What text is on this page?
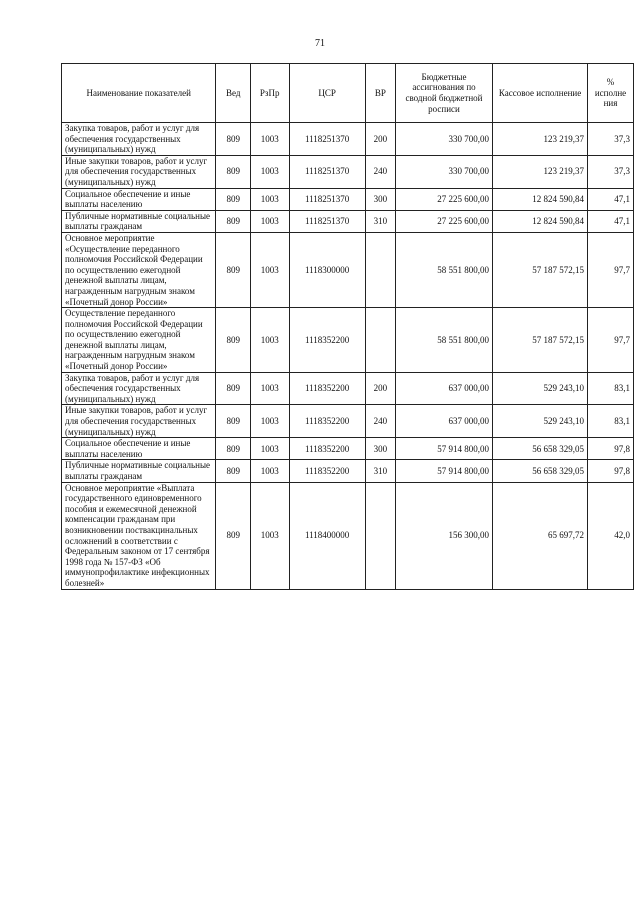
71
Наименование показателей	Вед	РзПр	ЦСР	ВР	Бюджетные ассигнования по сводной бюджетной росписи	Кассовое исполнение	% исполне ния
Закупка товаров, работ и услуг для обеспечения государственных (муниципальных) нужд	809	1003	1118251370	200	330 700,00	123 219,37	37,3
Иные закупки товаров, работ и услуг для обеспечения государственных (муниципальных) нужд	809	1003	1118251370	240	330 700,00	123 219,37	37,3
Социальное обеспечение и иные выплаты населению	809	1003	1118251370	300	27 225 600,00	12 824 590,84	47,1
Публичные нормативные социальные выплаты гражданам	809	1003	1118251370	310	27 225 600,00	12 824 590,84	47,1
Основное мероприятие «Осуществление переданного полномочия Российской Федерации по осуществлению ежегодной денежной выплаты лицам, награжденным нагрудным знаком «Почетный донор России»	809	1003	1118300000		58 551 800,00	57 187 572,15	97,7
Осуществление переданного полномочия Российской Федерации по осуществлению ежегодной денежной выплаты лицам, награжденным нагрудным знаком «Почетный донор России»	809	1003	1118352200		58 551 800,00	57 187 572,15	97,7
Закупка товаров, работ и услуг для обеспечения государственных (муниципальных) нужд	809	1003	1118352200	200	637 000,00	529 243,10	83,1
Иные закупки товаров, работ и услуг для обеспечения государственных (муниципальных) нужд	809	1003	1118352200	240	637 000,00	529 243,10	83,1
Социальное обеспечение и иные выплаты населению	809	1003	1118352200	300	57 914 800,00	56 658 329,05	97,8
Публичные нормативные социальные выплаты гражданам	809	1003	1118352200	310	57 914 800,00	56 658 329,05	97,8
Основное мероприятие «Выплата государственного единовременного пособия и ежемесячной денежной компенсации гражданам при возникновении поствакцинальных осложнений в соответствии с Федеральным законом от 17 сентября 1998 года № 157-ФЗ «Об иммунопрофилактике инфекционных болезней»	809	1003	1118400000		156 300,00	65 697,72	42,0
